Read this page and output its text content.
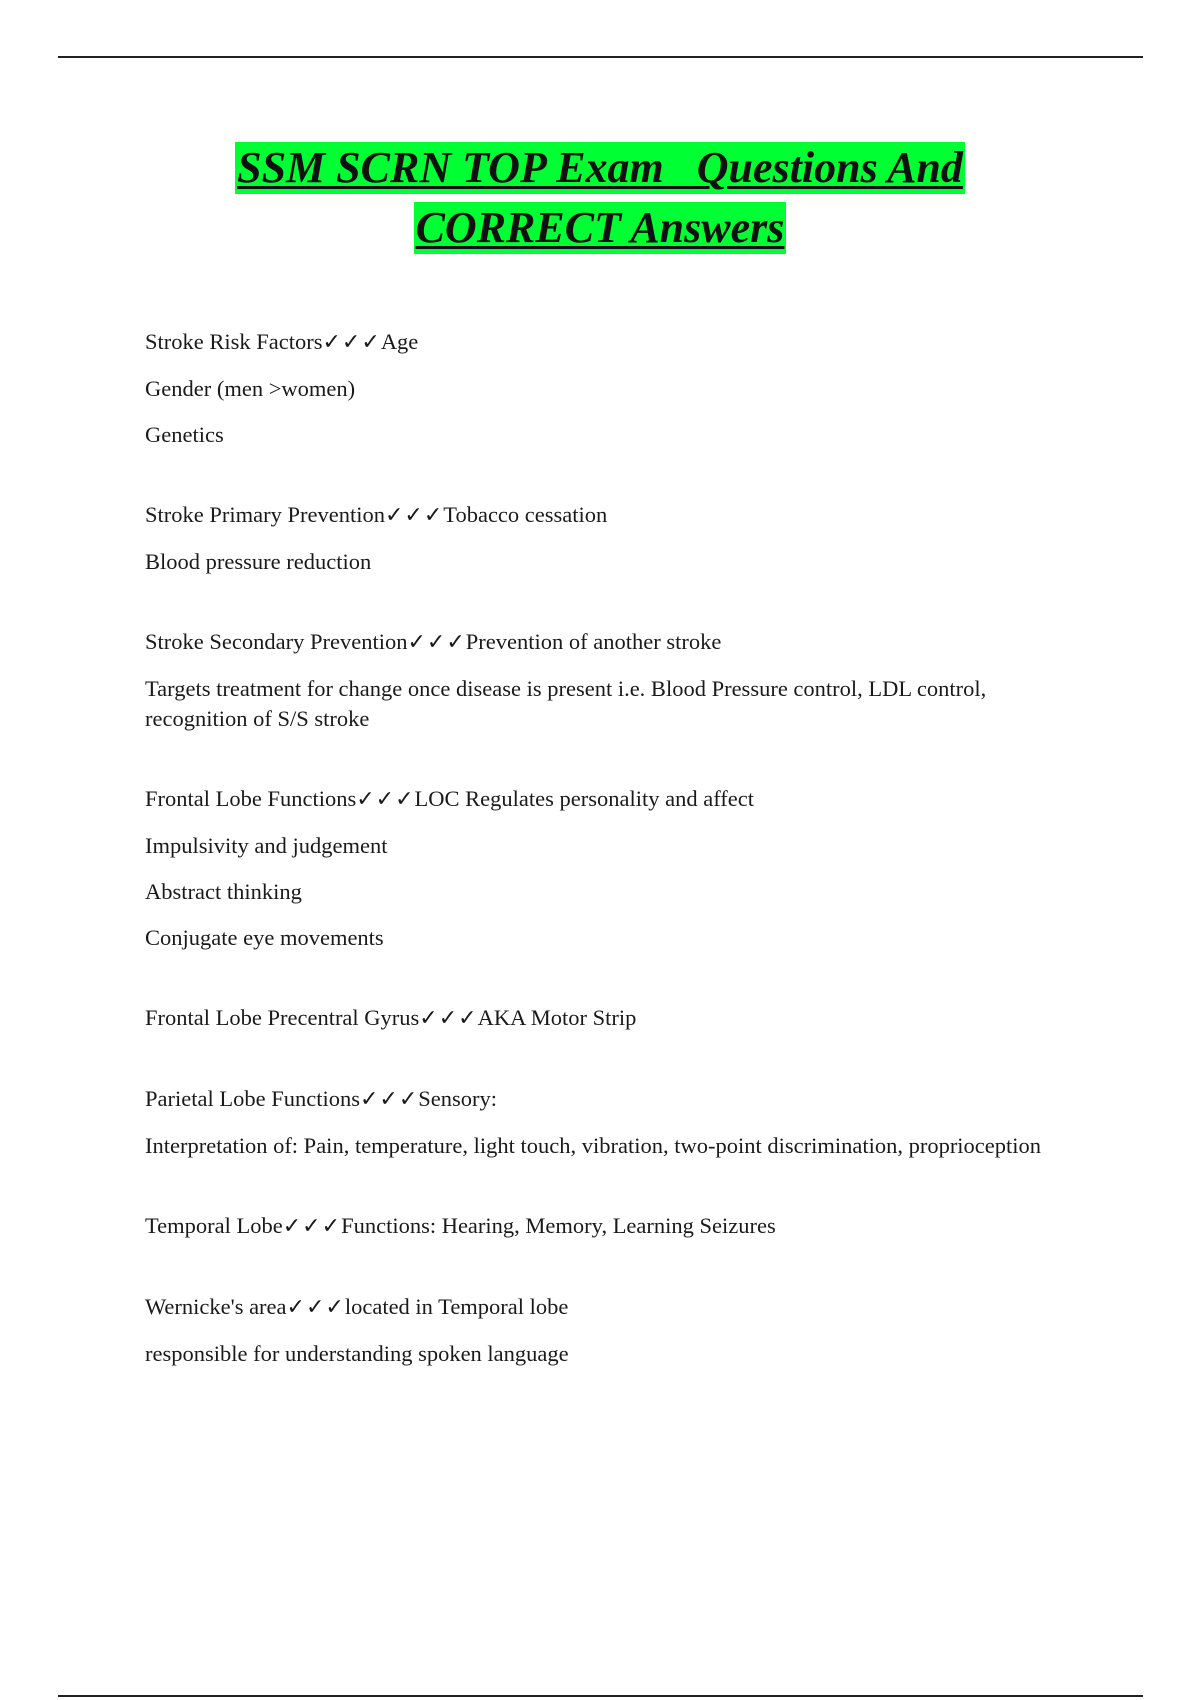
SSM SCRN TOP Exam   Questions And
CORRECT Answers

Stroke Risk Factors✓✓✓Age

Gender (men >women)

Genetics

Stroke Primary Prevention✓✓✓Tobacco cessation

Blood pressure reduction

Stroke Secondary Prevention✓✓✓Prevention of another stroke

Targets treatment for change once disease is present i.e. Blood Pressure control, LDL control, recognition of S/S stroke

Frontal Lobe Functions✓✓✓LOC Regulates personality and affect

Impulsivity and judgement

Abstract thinking

Conjugate eye movements

Frontal Lobe Precentral Gyrus✓✓✓AKA Motor Strip

Parietal Lobe Functions✓✓✓Sensory:

Interpretation of: Pain, temperature, light touch, vibration, two-point discrimination, proprioception

Temporal Lobe✓✓✓Functions: Hearing, Memory, Learning Seizures

Wernicke's area✓✓✓located in Temporal lobe

responsible for understanding spoken language
